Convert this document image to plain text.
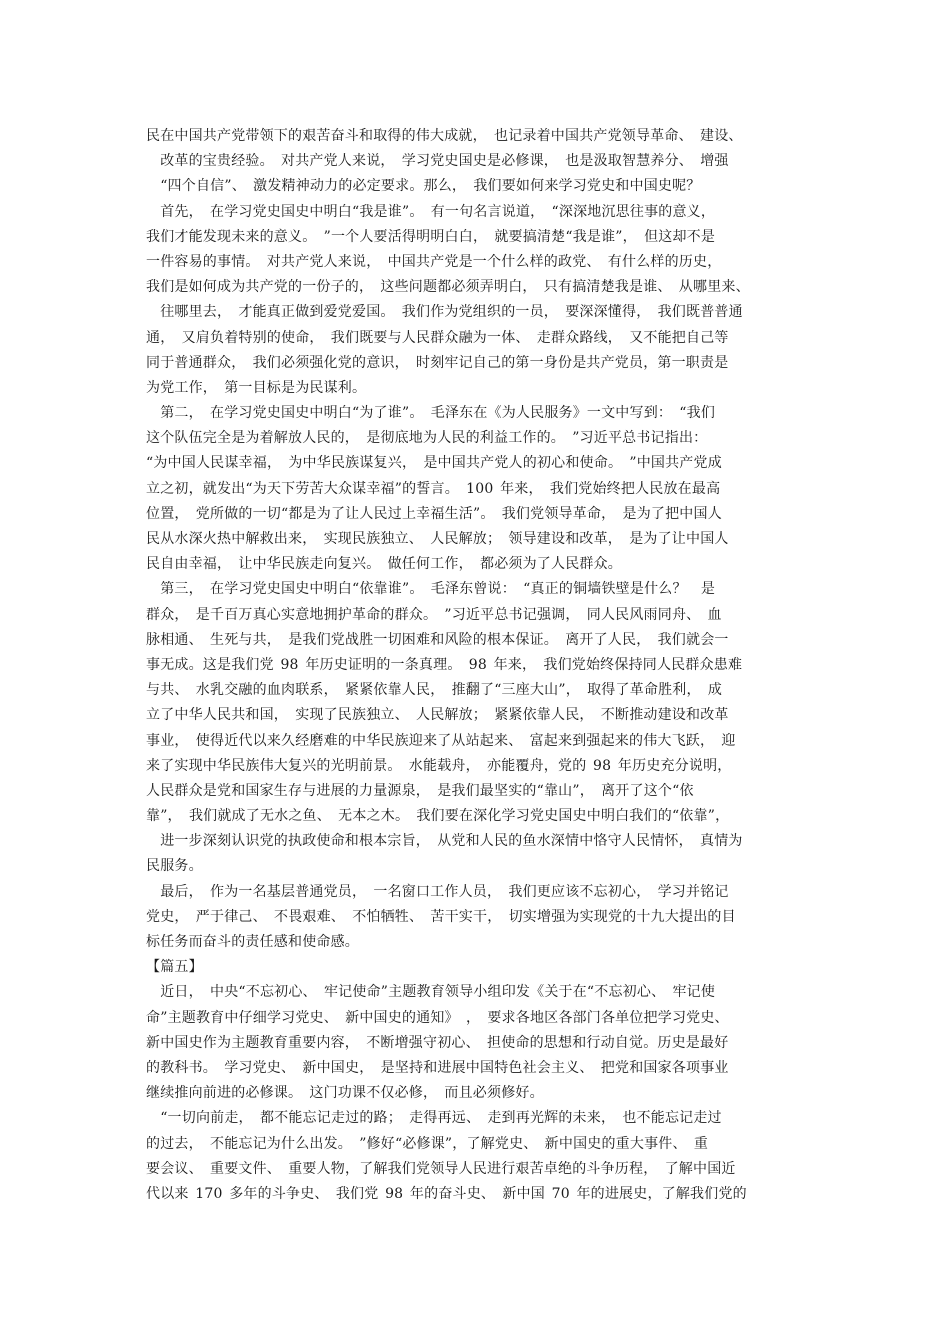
民在中国共产党带领下的艰苦奋斗和取得的伟大成就，　也记录着中国共产党领导革命、　建设、
　改革的宝贵经验。　对共产党人来说，　学习党史国史是必修课，　也是汲取智慧养分、　增强
　“四个自信”、　激发精神动力的必定要求。那么，　我们要如何来学习党史和中国史呢？

　首先，　在学习党史国史中明白“我是谁”。　有一句名言说道，　“深深地沉思往事的意义，
我们才能发现未来的意义。　”一个人要活得明明白白，　就要搞清楚“我是谁”，　但这却不是
一件容易的事情。　对共产党人来说，　中国共产党是一个什么样的政党、　有什么样的历史，
我们是如何成为共产党的一份子的，　这些问题都必须弄明白，　只有搞清楚我是谁、　从哪里来、
　往哪里去，　才能真正做到爱党爱国。　我们作为党组织的一员，　要深深懂得，　我们既普普通
通，　又肩负着特别的使命，　我们既要与人民群众融为一体、　走群众路线，　又不能把自己等
同于普通群众，　我们必须强化党的意识，　时刻牢记自己的第一身份是共产党员，第一职责是
为党工作，　第一目标是为民谋利。

　第二，　在学习党史国史中明白“为了谁”。　毛泽东在《为人民服务》一文中写到：　“我们
这个队伍完全是为着解放人民的，　是彻底地为人民的利益工作的。　”习近平总书记指出：
“为中国人民谋幸福，　为中华民族谋复兴，　是中国共产党人的初心和使命。　”中国共产党成
立之初，就发出“为天下劳苦大众谋幸福”的誓言。　100 年来，　我们党始终把人民放在最高
位置，　党所做的一切“都是为了让人民过上幸福生活”。　我们党领导革命，　是为了把中国人
民从水深火热中解救出来，　实现民族独立、　人民解放；　领导建设和改革，　是为了让中国人
民自由幸福，　让中华民族走向复兴。　做任何工作，　都必须为了人民群众。

　第三，　在学习党史国史中明白“依靠谁”。　毛泽东曾说：　“真正的铜墙铁壁是什么？　是
群众，　是千百万真心实意地拥护革命的群众。　”习近平总书记强调，　同人民风雨同舟、　血
脉相通、　生死与共，　是我们党战胜一切困难和风险的根本保证。　离开了人民，　我们就会一
事无成。这是我们党 98 年历史证明的一条真理。　98 年来，　我们党始终保持同人民群众患难
与共、　水乳交融的血肉联系，　紧紧依靠人民，　推翻了“三座大山”，　取得了革命胜利，　成
立了中华人民共和国，　实现了民族独立、　人民解放；　紧紧依靠人民，　不断推动建设和改革
事业，　使得近代以来久经磨难的中华民族迎来了从站起来、　富起来到强起来的伟大飞跃，　迎
来了实现中华民族伟大复兴的光明前景。　水能载舟，　亦能覆舟，党的 98 年历史充分说明，
人民群众是党和国家生存与进展的力量源泉，　是我们最坚实的“靠山”，　离开了这个“依
靠”，　我们就成了无水之鱼、　无本之木。　我们要在深化学习党史国史中明白我们的“依靠”，
　进一步深刻认识党的执政使命和根本宗旨，　从党和人民的鱼水深情中恪守人民情怀，　真情为
民服务。

　最后，　作为一名基层普通党员，　一名窗口工作人员，　我们更应该不忘初心，　学习并铭记
党史，　严于律己、　不畏艰难、　不怕牺牲、　苦干实干，　切实增强为实现党的十九大提出的目
标任务而奋斗的责任感和使命感。

【篇五】

　近日，　中央“不忘初心、　牢记使命”主题教育领导小组印发《关于在“不忘初心、　牢记使
命”主题教育中仔细学习党史、　新中国史的通知》　，　要求各地区各部门各单位把学习党史、
新中国史作为主题教育重要内容，　不断增强守初心、　担使命的思想和行动自觉。历史是最好
的教科书。　学习党史、　新中国史，　是坚持和进展中国特色社会主义、　把党和国家各项事业
继续推向前进的必修课。　这门功课不仅必修，　而且必须修好。

　“一切向前走，　都不能忘记走过的路；　走得再远、　走到再光辉的未来，　也不能忘记走过
的过去，　不能忘记为什么出发。　”修好“必修课”，了解党史、　新中国史的重大事件、　重
要会议、　重要文件、　重要人物，了解我们党领导人民进行艰苦卓绝的斗争历程，　了解中国近
代以来 170 多年的斗争史、　我们党 98 年的奋斗史、　新中国 70 年的进展史，了解我们党的
